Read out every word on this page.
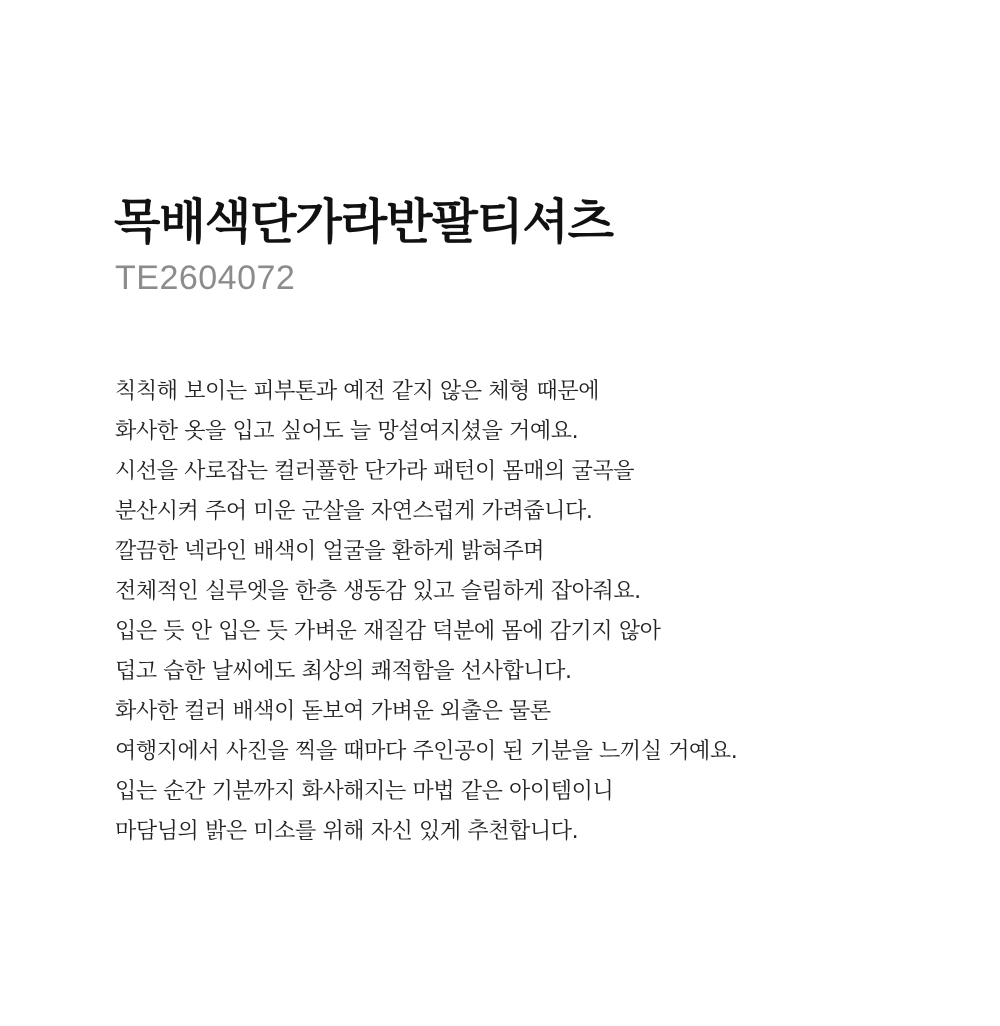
목배색단가라반팔티셔츠

TE2604072

칙칙해 보이는 피부톤과 예전 같지 않은 체형 때문에
화사한 옷을 입고 싶어도 늘 망설여지셨을 거예요.
시선을 사로잡는 컬러풀한 단가라 패턴이 몸매의 굴곡을
분산시켜 주어 미운 군살을 자연스럽게 가려줍니다.
깔끔한 넥라인 배색이 얼굴을 환하게 밝혀주며
전체적인 실루엣을 한층 생동감 있고 슬림하게 잡아줘요.
입은 듯 안 입은 듯 가벼운 재질감 덕분에 몸에 감기지 않아
덥고 습한 날씨에도 최상의 쾌적함을 선사합니다.
화사한 컬러 배색이 돋보여 가벼운 외출은 물론
여행지에서 사진을 찍을 때마다 주인공이 된 기분을 느끼실 거예요.
입는 순간 기분까지 화사해지는 마법 같은 아이템이니
마담님의 밝은 미소를 위해 자신 있게 추천합니다.
